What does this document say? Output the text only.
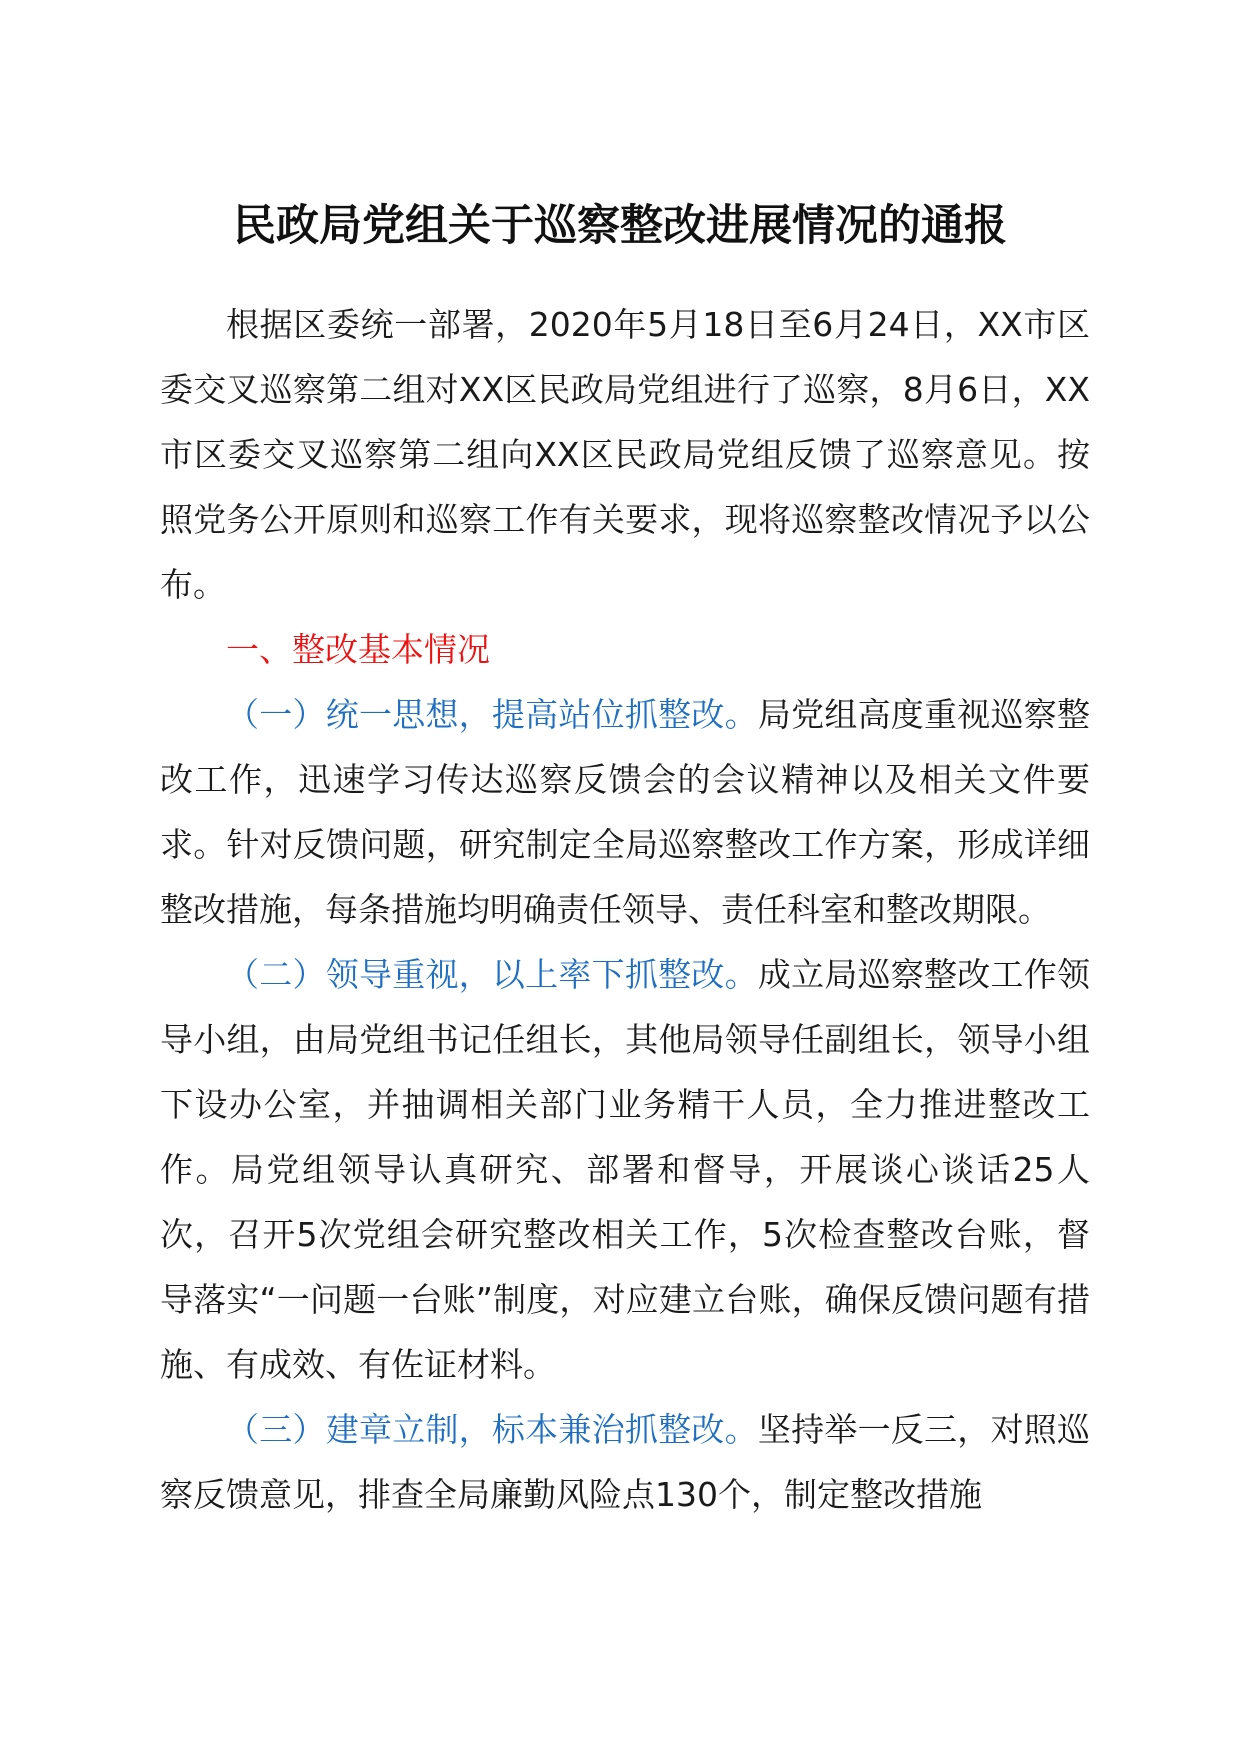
民政局党组关于巡察整改进展情况的通报

根据区委统一部署，2020年5月18日至6月24日，XX市区委交叉巡察第二组对XX区民政局党组进行了巡察，8月6日，XX市区委交叉巡察第二组向XX区民政局党组反馈了巡察意见。按照党务公开原则和巡察工作有关要求，现将巡察整改情况予以公布。

一、整改基本情况

（一）统一思想，提高站位抓整改。局党组高度重视巡察整改工作，迅速学习传达巡察反馈会的会议精神以及相关文件要求。针对反馈问题，研究制定全局巡察整改工作方案，形成详细整改措施，每条措施均明确责任领导、责任科室和整改期限。

（二）领导重视，以上率下抓整改。成立局巡察整改工作领导小组，由局党组书记任组长，其他局领导任副组长，领导小组下设办公室，并抽调相关部门业务精干人员，全力推进整改工作。局党组领导认真研究、部署和督导，开展谈心谈话25人次，召开5次党组会研究整改相关工作，5次检查整改台账，督导落实“一问题一台账”制度，对应建立台账，确保反馈问题有措施、有成效、有佐证材料。

（三）建章立制，标本兼治抓整改。坚持举一反三，对照巡察反馈意见，排查全局廉勤风险点130个，制定整改措施
